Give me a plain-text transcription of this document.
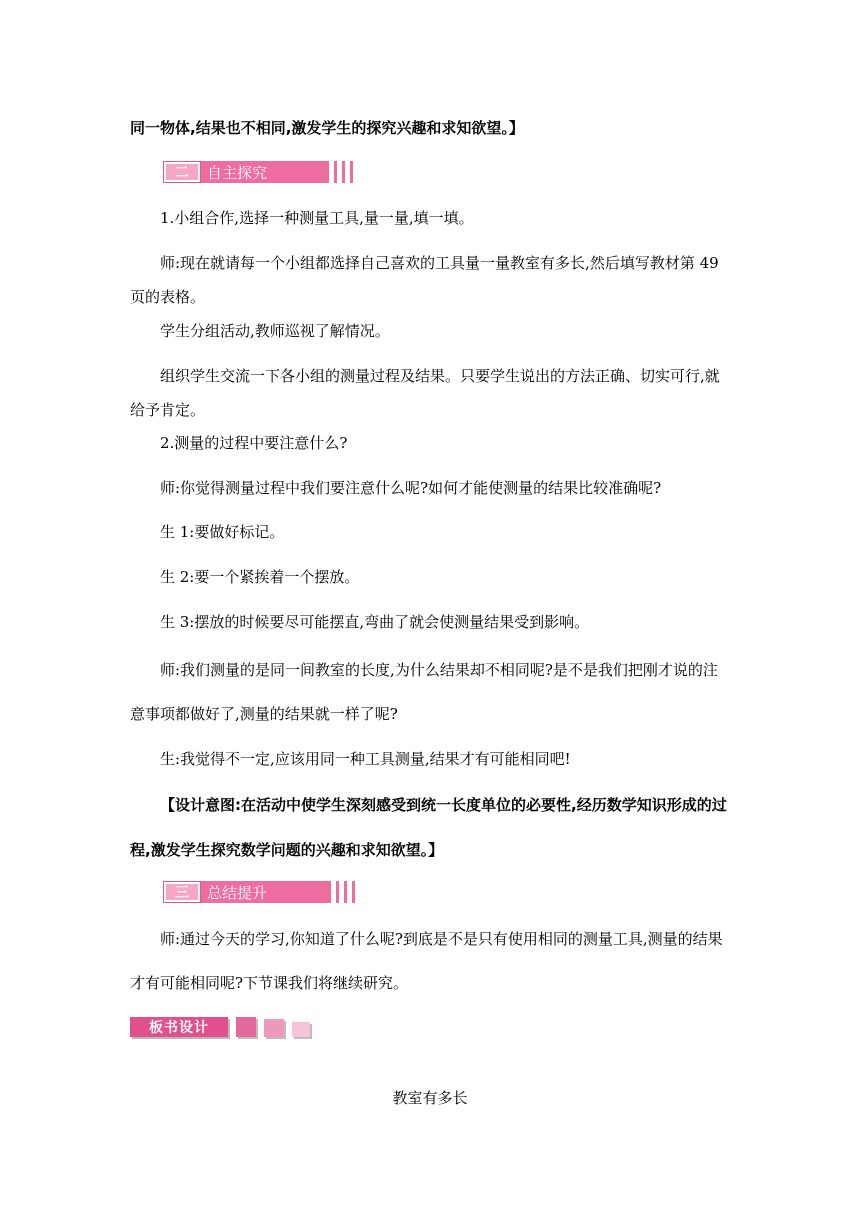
同一物体,结果也不相同,激发学生的探究兴趣和求知欲望。】
二	自主探究
1.小组合作,选择一种测量工具,量一量,填一填。
师:现在就请每一个小组都选择自己喜欢的工具量一量教室有多长,然后填写教材第 49
页的表格。
学生分组活动,教师巡视了解情况。
组织学生交流一下各小组的测量过程及结果。只要学生说出的方法正确、切实可行,就
给予肯定。
2.测量的过程中要注意什么?
师:你觉得测量过程中我们要注意什么呢?如何才能使测量的结果比较准确呢?
生 1:要做好标记。
生 2:要一个紧挨着一个摆放。
生 3:摆放的时候要尽可能摆直,弯曲了就会使测量结果受到影响。
师:我们测量的是同一间教室的长度,为什么结果却不相同呢?是不是我们把刚才说的注
意事项都做好了,测量的结果就一样了呢?
生:我觉得不一定,应该用同一种工具测量,结果才有可能相同吧!
【设计意图:在活动中使学生深刻感受到统一长度单位的必要性,经历数学知识形成的过
程,激发学生探究数学问题的兴趣和求知欲望。】
三	总结提升
师:通过今天的学习,你知道了什么呢?到底是不是只有使用相同的测量工具,测量的结果
才有可能相同呢?下节课我们将继续研究。
板书设计
教室有多长
